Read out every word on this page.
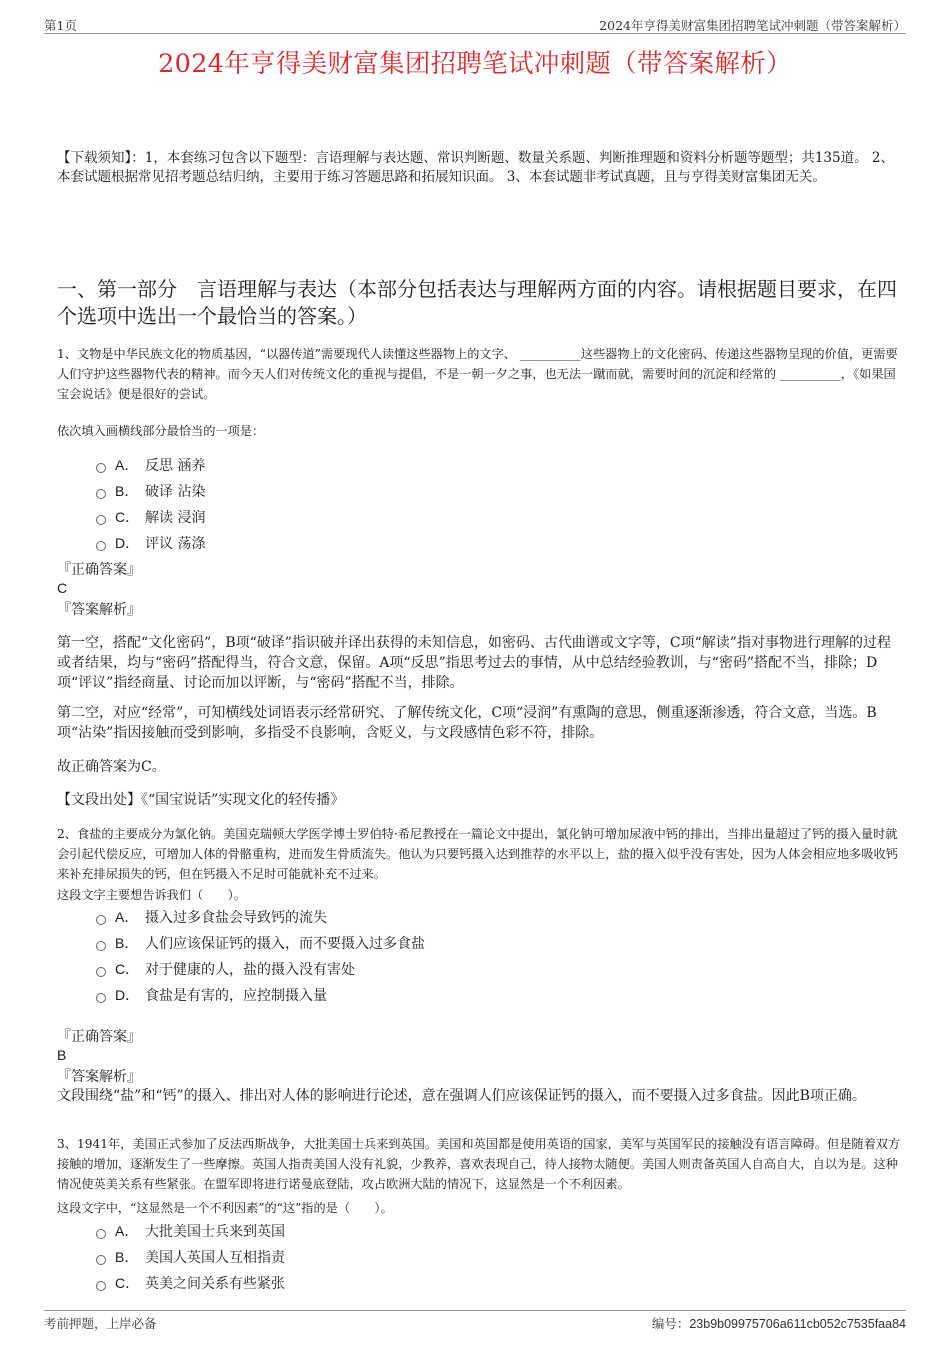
第1页	2024年亨得美财富集团招聘笔试冲刺题（带答案解析）
2024年亨得美财富集团招聘笔试冲刺题（带答案解析）
【下载须知】：1，本套练习包含以下题型：言语理解与表达题、常识判断题、数量关系题、判断推理题和资料分析题等题型；共135道。 2、本套试题根据常见招考题总结归纳，主要用于练习答题思路和拓展知识面。 3、本套试题非考试真题，且与亨得美财富集团无关。
一、第一部分　言语理解与表达（本部分包括表达与理解两方面的内容。请根据题目要求，在四个选项中选出一个最恰当的答案。）
1、文物是中华民族文化的物质基因，“以器传道”需要现代人读懂这些器物上的文字、 __________这些器物上的文化密码、传递这些器物呈现的价值，更需要人们守护这些器物代表的精神。而今天人们对传统文化的重视与提倡，不是一朝一夕之事，也无法一蹴而就，需要时间的沉淀和经常的 __________，《如果国宝会说话》便是很好的尝试。
依次填入画横线部分最恰当的一项是：
A． 反思 涵养
B． 破译 沾染
C． 解读 浸润
D． 评议 荡涤
『正确答案』
C
『答案解析』
第一空，搭配“文化密码”，B项“破译”指识破并译出获得的未知信息，如密码、古代曲谱或文字等，C项“解读”指对事物进行理解的过程或者结果，均与“密码”搭配得当，符合文意，保留。A项“反思”指思考过去的事情，从中总结经验教训，与“密码”搭配不当，排除；D项“评议”指经商量、讨论而加以评断，与“密码”搭配不当，排除。
第二空，对应“经常”，可知横线处词语表示经常研究、了解传统文化，C项“浸润”有熏陶的意思，侧重逐渐渗透，符合文意，当选。B项“沾染”指因接触而受到影响，多指受不良影响，含贬义，与文段感情色彩不符，排除。
故正确答案为C。
【文段出处】《“国宝说话”实现文化的轻传播》
2、食盐的主要成分为氯化钠。美国克瑞顿大学医学博士罗伯特·希尼教授在一篇论文中提出，氯化钠可增加尿液中钙的排出，当排出量超过了钙的摄入量时就会引起代偿反应，可增加人体的骨骼重构，进而发生骨质流失。他认为只要钙摄入达到推荐的水平以上，盐的摄入似乎没有害处，因为人体会相应地多吸收钙来补充排尿损失的钙，但在钙摄入不足时可能就补充不过来。
这段文字主要想告诉我们（　　）。
A． 摄入过多食盐会导致钙的流失
B． 人们应该保证钙的摄入，而不要摄入过多食盐
C． 对于健康的人，盐的摄入没有害处
D． 食盐是有害的，应控制摄入量
『正确答案』
B
『答案解析』
文段围绕“盐”和“钙”的摄入、排出对人体的影响进行论述，意在强调人们应该保证钙的摄入，而不要摄入过多食盐。因此B项正确。
3、1941年，美国正式参加了反法西斯战争，大批美国士兵来到英国。美国和英国都是使用英语的国家，美军与英国军民的接触没有语言障碍。但是随着双方接触的增加，逐渐发生了一些摩擦。英国人指责美国人没有礼貌，少教养，喜欢表现自己，待人接物太随便。美国人则责备英国人自高自大，自以为是。这种情况使英美关系有些紧张。在盟军即将进行诺曼底登陆，攻占欧洲大陆的情况下，这显然是一个不利因素。
这段文字中，“这显然是一个不利因素”的“这”指的是（　　）。
A． 大批美国士兵来到英国
B． 美国人英国人互相指责
C． 英美之间关系有些紧张
考前押题，上岸必备	编号：23b9b09975706a611cb052c7535faa84
